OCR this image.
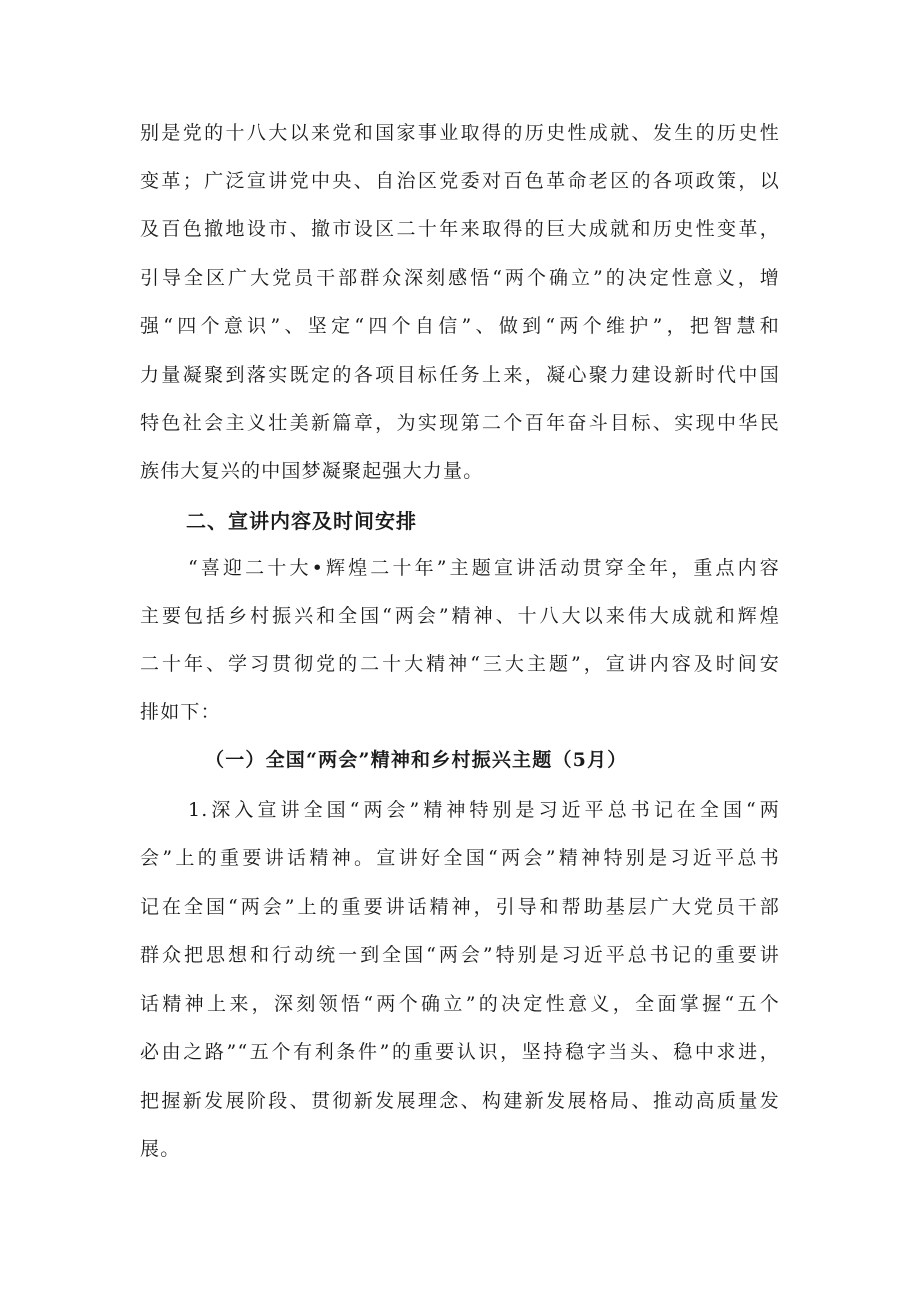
别是党的十八大以来党和国家事业取得的历史性成就、发生的历史性

变革；广泛宣讲党中央、自治区党委对百色革命老区的各项政策，以

及百色撤地设市、撤市设区二十年来取得的巨大成就和历史性变革，

引导全区广大党员干部群众深刻感悟“两个确立”的决定性意义，增

强“四个意识”、坚定“四个自信”、做到“两个维护”，把智慧和

力量凝聚到落实既定的各项目标任务上来，凝心聚力建设新时代中国

特色社会主义壮美新篇章，为实现第二个百年奋斗目标、实现中华民

族伟大复兴的中国梦凝聚起强大力量。

二、宣讲内容及时间安排

“喜迎二十大•辉煌二十年”主题宣讲活动贯穿全年，重点内容

主要包括乡村振兴和全国“两会”精神、十八大以来伟大成就和辉煌

二十年、学习贯彻党的二十大精神“三大主题”，宣讲内容及时间安

排如下：

（一）全国“两会”精神和乡村振兴主题（5月）

1.深入宣讲全国“两会”精神特别是习近平总书记在全国“两

会”上的重要讲话精神。宣讲好全国“两会”精神特别是习近平总书

记在全国“两会”上的重要讲话精神，引导和帮助基层广大党员干部

群众把思想和行动统一到全国“两会”特别是习近平总书记的重要讲

话精神上来，深刻领悟“两个确立”的决定性意义，全面掌握“五个

必由之路”“五个有利条件”的重要认识，坚持稳字当头、稳中求进，

把握新发展阶段、贯彻新发展理念、构建新发展格局、推动高质量发

展。
